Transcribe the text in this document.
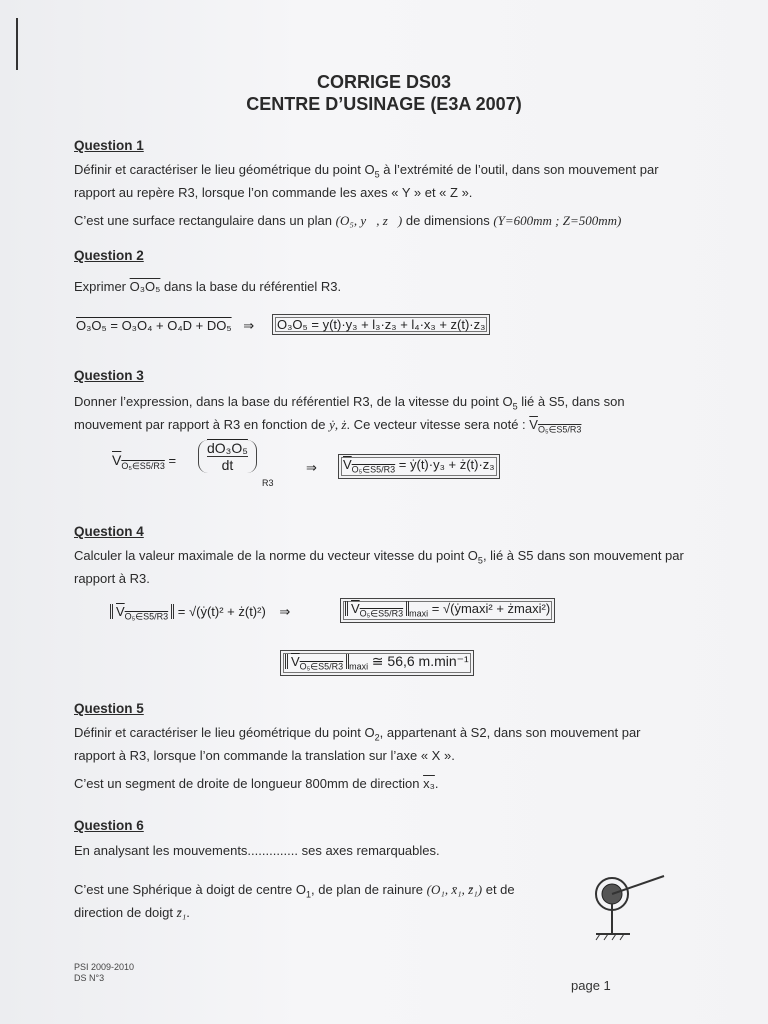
CORRIGE DS03
CENTRE D’USINAGE (E3A 2007)
Question 1
Définir et caractériser le lieu géométrique du point $O_5$ à l’extrémité de l’outil, dans son mouvement par rapport au repère R3, lorsque l’on commande les axes « Y » et « Z ».
C’est une surface rectangulaire dans un plan (O₅, y⃗, z⃗) de dimensions (Y=600mm ; Z=500mm)
Question 2
Exprimer O₃O₅ dans la base du référentiel R3.
O₃O₅ = O₃O₄ + O₄D + DO₅ ⇒	O₃O₅ = y(t)·y₃ + l₃·z₃ + l₄·x₃ + z(t)·z₃
Question 3
Donner l’expression, dans la base du référentiel R3, de la vitesse du point $O_5$ lié à S5, dans son mouvement par rapport à R3 en fonction de ẏ, ż. Ce vecteur vitesse sera noté : $V_{O_5\in S5/R3}$
$V_{O_5\in S5/R3}$ =
dO₃O₅
dt
R3
⇒	$V_{O_5\in S5/R3}$ = ẏ(t)·y₃ + ż(t)·z₃
Question 4
Calculer la valeur maximale de la norme du vecteur vitesse du point $O_5$, lié à S5 dans son mouvement par rapport à R3.
$V_{O_5\in S5/R3}$ = √(ẏ(t)² + ż(t)²) ⇒	$V_{O_5\in S5/R3}$ $_{maxi}$ = √(ẏmaxi² + żmaxi²)
$V_{O_5\in S5/R3}$ $_{maxi}$ ≅ 56,6 m.min⁻¹
Question 5
Définir et caractériser le lieu géométrique du point $O_2$, appartenant à S2, dans son mouvement par rapport à R3, lorsque l’on commande la translation sur l’axe « X ».
C’est un segment de droite de longueur 800mm de direction x₃.
Question 6
En analysant les mouvements.............. ses axes remarquables.
C’est une Sphérique à doigt de centre $O_1$, de plan de rainure (O₁, x̄₁, z̄₁) et de direction de doigt z̄₁.
PSI 2009-2010
DS N°3	page 1
